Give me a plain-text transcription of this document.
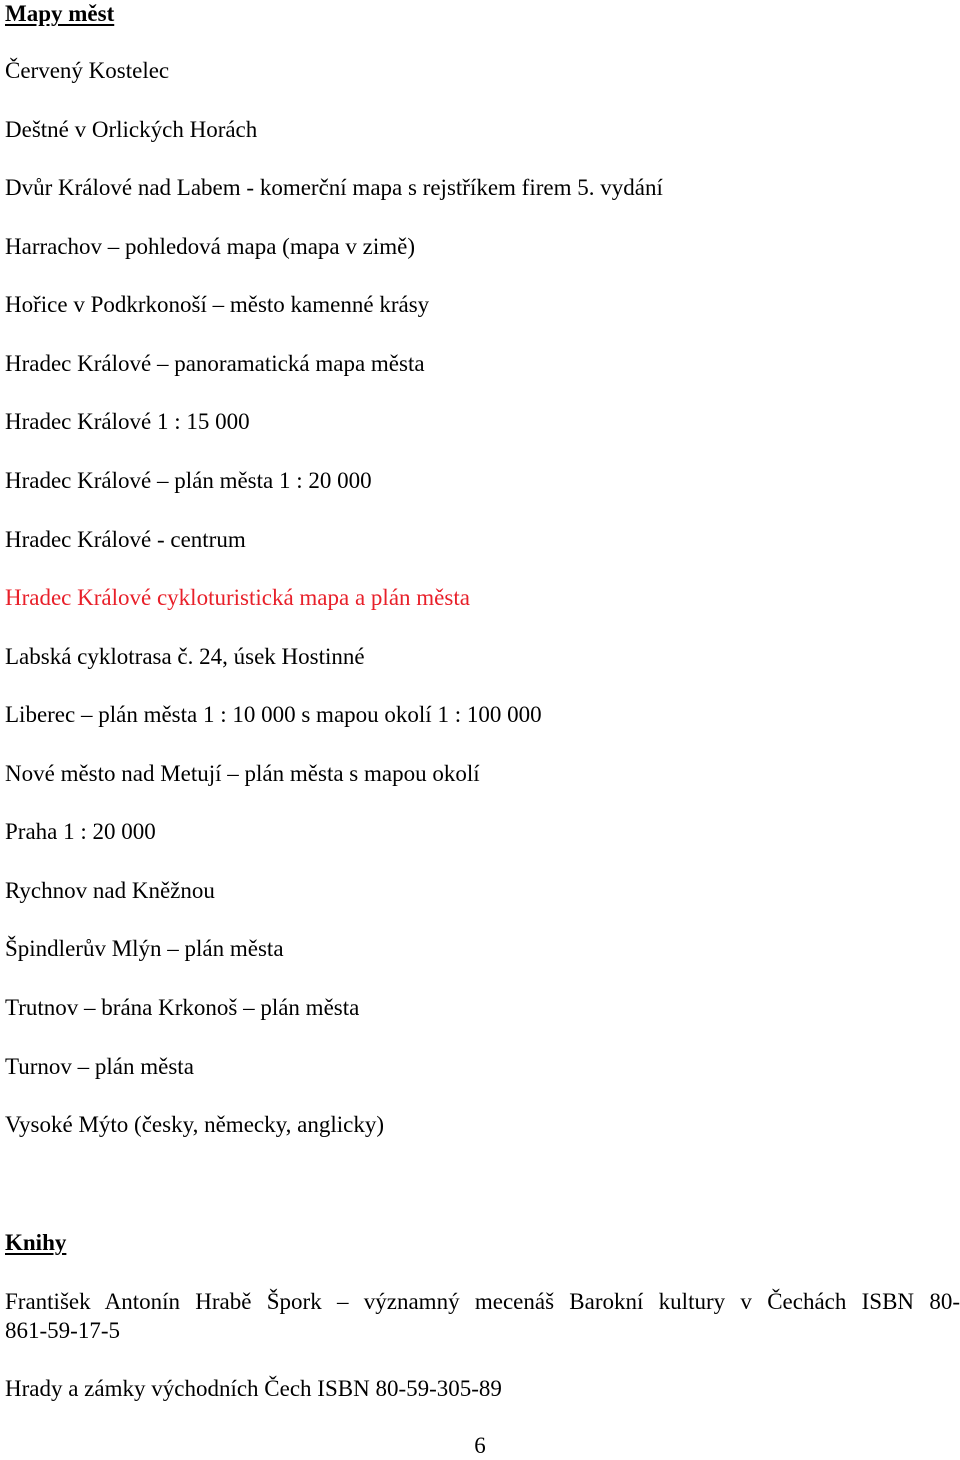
Mapy měst
Červený Kostelec
Deštné v Orlických Horách
Dvůr Králové nad Labem - komerční mapa s rejstříkem firem 5. vydání
Harrachov – pohledová mapa (mapa v zimě)
Hořice v Podkrkonoší – město kamenné krásy
Hradec Králové – panoramatická mapa města
Hradec Králové 1 : 15 000
Hradec Králové – plán města 1 : 20 000
Hradec Králové - centrum
Hradec Králové cykloturistická mapa a plán města
Labská cyklotrasa č. 24, úsek Hostinné
Liberec – plán města 1 : 10 000 s mapou okolí 1 : 100 000
Nové město nad Metují – plán města s mapou okolí
Praha 1 : 20 000
Rychnov nad Kněžnou
Špindlerův Mlýn – plán města
Trutnov – brána Krkonoš – plán města
Turnov – plán města
Vysoké Mýto (česky, německy, anglicky)
Knihy
František Antonín Hrabě Špork – významný mecenáš Barokní kultury v Čechách ISBN 80-
861-59-17-5
Hrady a zámky východních Čech ISBN 80-59-305-89
6
